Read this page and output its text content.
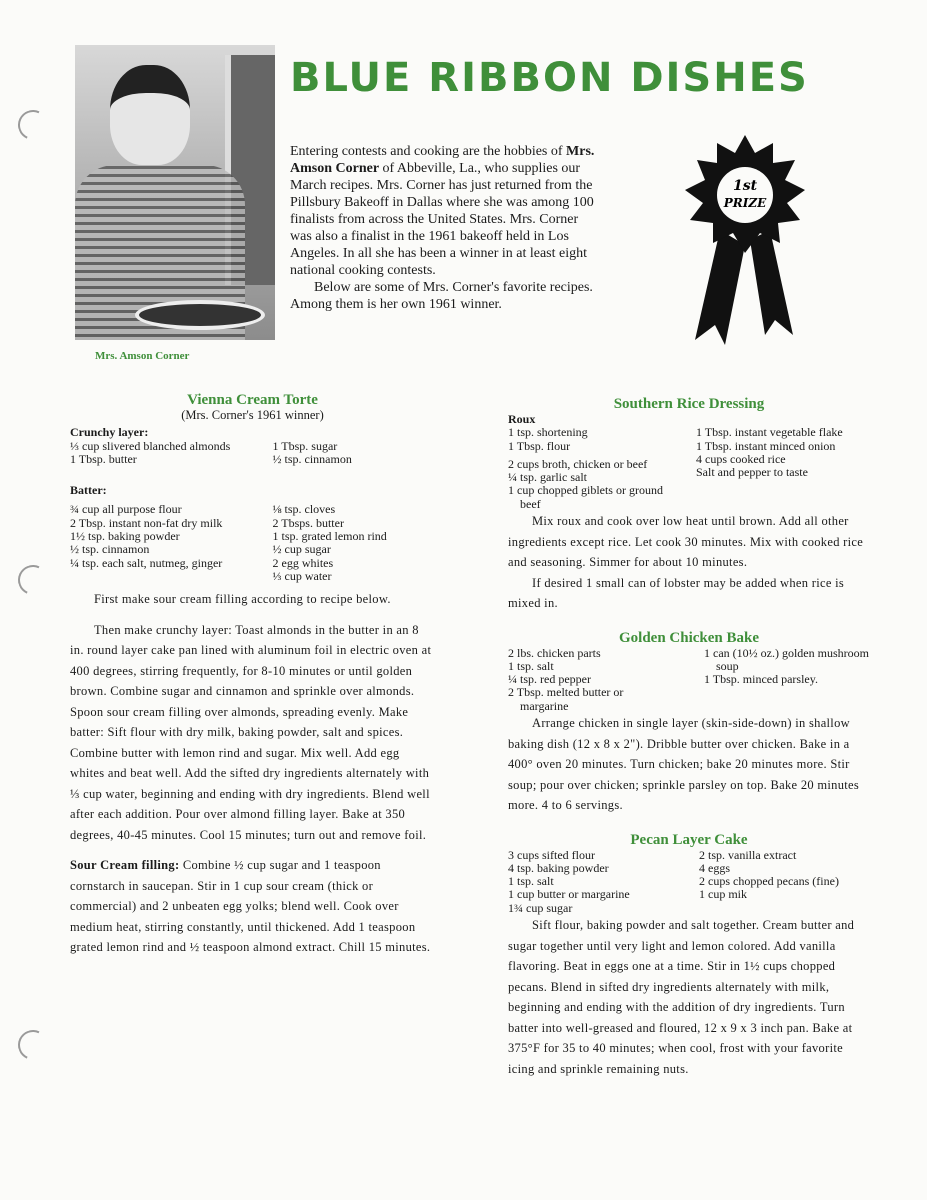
Mrs. Amson Corner
BLUE RIBBON DISHES

Entering contests and cooking are the hobbies of Mrs. Amson Corner of Abbeville, La., who supplies our March recipes. Mrs. Corner has just returned from the Pillsbury Bakeoff in Dallas where she was among 100 finalists from across the United States. Mrs. Corner was also a finalist in the 1961 bakeoff held in Los Angeles. In all she has been a winner in at least eight national cooking contests.

Below are some of Mrs. Corner's favorite recipes. Among them is her own 1961 winner.

1st
PRIZE
Vienna Cream Torte
(Mrs. Corner's 1961 winner)
Crunchy layer:
⅓ cup slivered blanched almonds
1 Tbsp. butter
1 Tbsp. sugar
½ tsp. cinnamon
Batter:
¾ cup all purpose flour
2 Tbsp. instant non-fat dry milk
1½ tsp. baking powder
½ tsp. cinnamon
¼ tsp. each salt, nutmeg, ginger
⅛ tsp. cloves
2 Tbsps. butter
1 tsp. grated lemon rind
½ cup sugar
2 egg whites
⅓ cup water

First make sour cream filling according to recipe below.

Then make crunchy layer: Toast almonds in the butter in an 8 in. round layer cake pan lined with aluminum foil in electric oven at 400 degrees, stirring frequently, for 8-10 minutes or until golden brown. Combine sugar and cinnamon and sprinkle over almonds. Spoon sour cream filling over almonds, spreading evenly. Make batter: Sift flour with dry milk, baking powder, salt and spices. Combine butter with lemon rind and sugar. Mix well. Add egg whites and beat well. Add the sifted dry ingredients alternately with ⅓ cup water, beginning and ending with dry ingredients. Blend well after each addition. Pour over almond filling layer. Bake at 350 degrees, 40-45 minutes. Cool 15 minutes; turn out and remove foil.

Sour Cream filling: Combine ½ cup sugar and 1 teaspoon cornstarch in saucepan. Stir in 1 cup sour cream (thick or commercial) and 2 unbeaten egg yolks; blend well. Cook over medium heat, stirring constantly, until thickened. Add 1 teaspoon grated lemon rind and ½ teaspoon almond extract. Chill 15 minutes.

Southern Rice Dressing
Roux
1 tsp. shortening
1 Tbsp. flour
2 cups broth, chicken or beef
¼ tsp. garlic salt
1 cup chopped giblets or ground beef
1 Tbsp. instant vegetable flake
1 Tbsp. instant minced onion
4 cups cooked rice
Salt and pepper to taste

Mix roux and cook over low heat until brown. Add all other ingredients except rice. Let cook 30 minutes. Mix with cooked rice and seasoning. Simmer for about 10 minutes.

If desired 1 small can of lobster may be added when rice is mixed in.

Golden Chicken Bake
2 lbs. chicken parts
1 tsp. salt
¼ tsp. red pepper
2 Tbsp. melted butter or margarine
1 can (10½ oz.) golden mushroom soup
1 Tbsp. minced parsley.

Arrange chicken in single layer (skin-side-down) in shallow baking dish (12 x 8 x 2"). Dribble butter over chicken. Bake in a 400° oven 20 minutes. Turn chicken; bake 20 minutes more. Stir soup; pour over chicken; sprinkle parsley on top. Bake 20 minutes more. 4 to 6 servings.

Pecan Layer Cake
3 cups sifted flour
4 tsp. baking powder
1 tsp. salt
1 cup butter or margarine
1¾ cup sugar
2 tsp. vanilla extract
4 eggs
2 cups chopped pecans (fine)
1 cup mik

Sift flour, baking powder and salt together. Cream butter and sugar together until very light and lemon colored. Add vanilla flavoring. Beat in eggs one at a time. Stir in 1½ cups chopped pecans. Blend in sifted dry ingredients alternately with milk, beginning and ending with the addition of dry ingredients. Turn batter into well-greased and floured, 12 x 9 x 3 inch pan. Bake at 375°F for 35 to 40 minutes; when cool, frost with your favorite icing and sprinkle remaining nuts.
